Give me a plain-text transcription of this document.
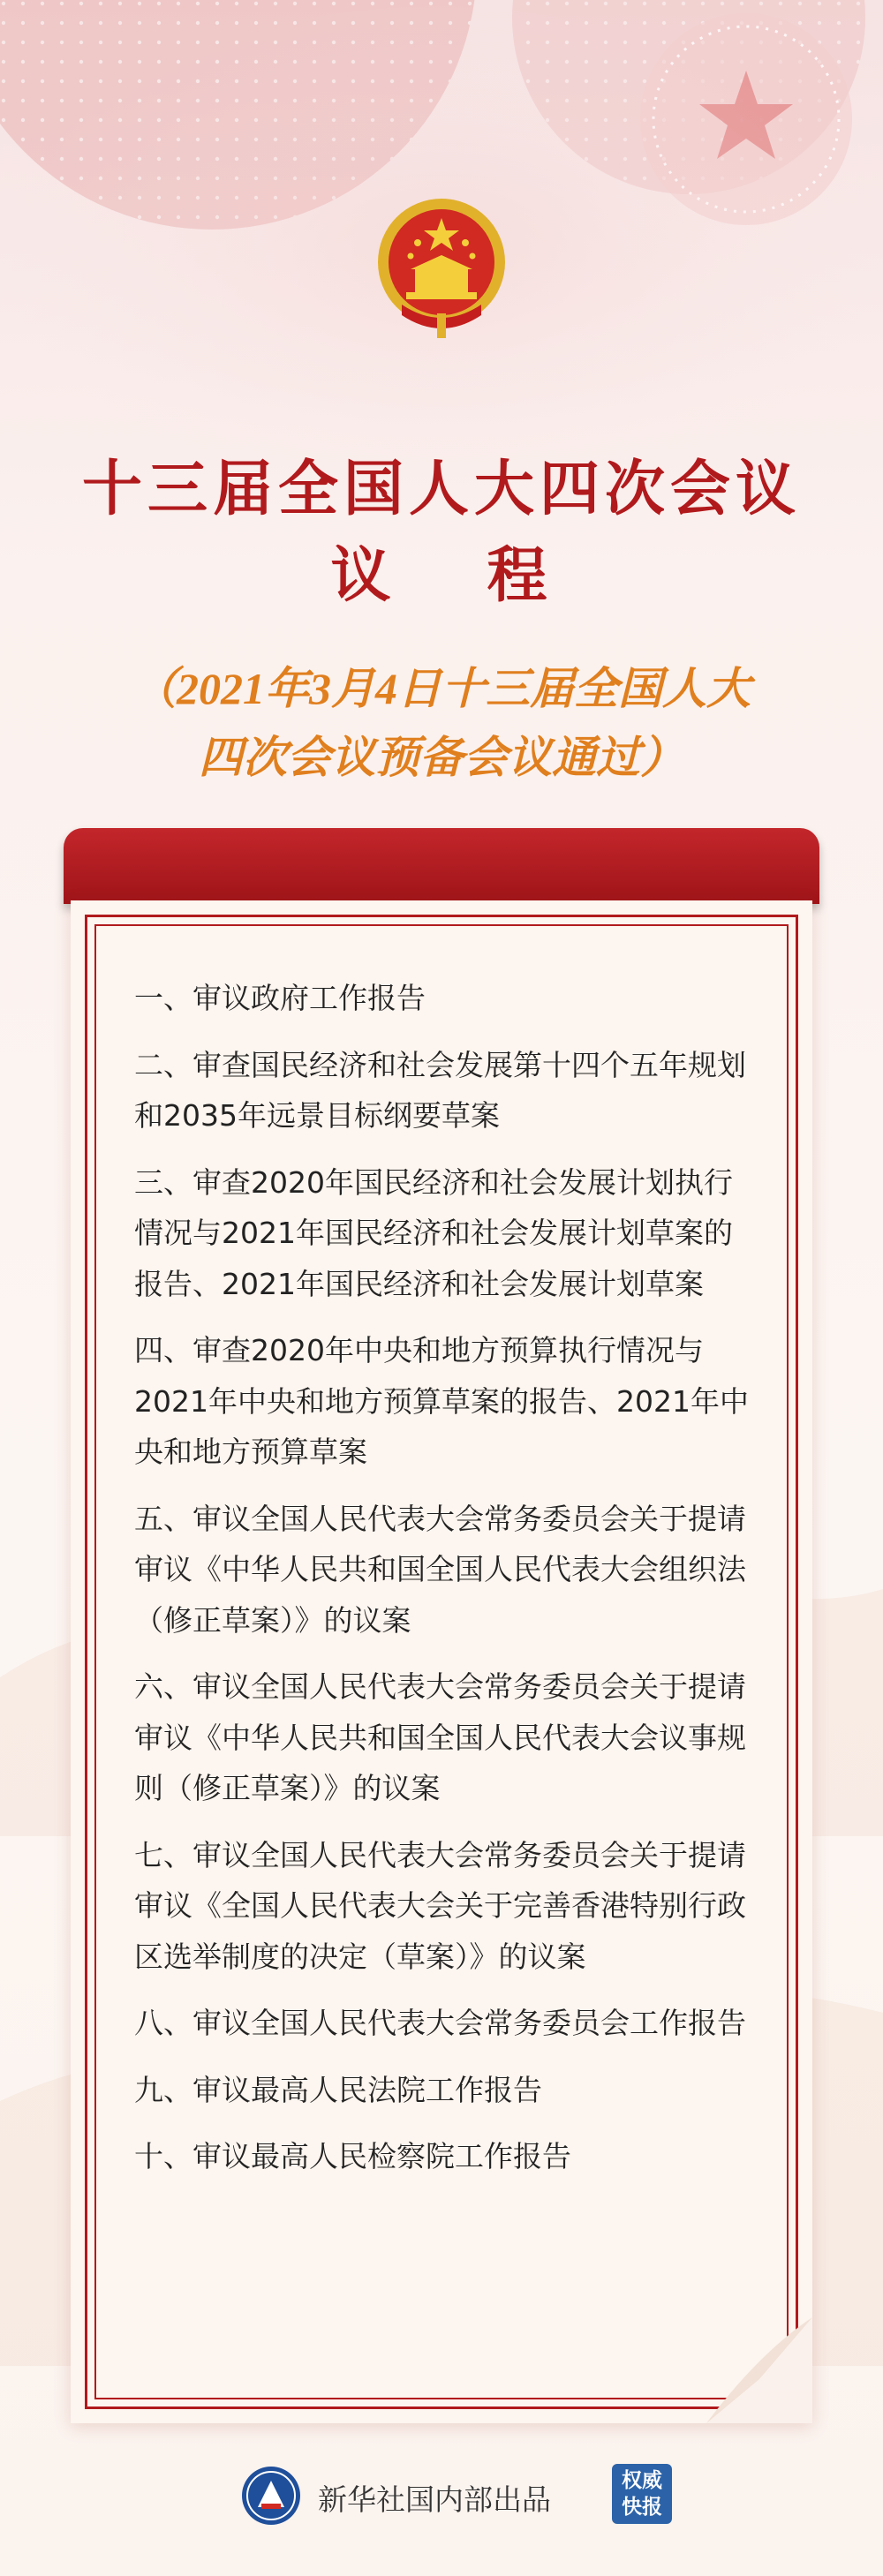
十三届全国人大四次会议
议 程

（2021年3月4日十三届全国人大

四次会议预备会议通过）

一、审议政府工作报告
二、审查国民经济和社会发展第十四个五年规划和2035年远景目标纲要草案
三、审查2020年国民经济和社会发展计划执行情况与2021年国民经济和社会发展计划草案的报告、2021年国民经济和社会发展计划草案
四、审查2020年中央和地方预算执行情况与2021年中央和地方预算草案的报告、2021年中央和地方预算草案
五、审议全国人民代表大会常务委员会关于提请审议《中华人民共和国全国人民代表大会组织法（修正草案）》的议案
六、审议全国人民代表大会常务委员会关于提请审议《中华人民共和国全国人民代表大会议事规则（修正草案）》的议案
七、审议全国人民代表大会常务委员会关于提请审议《全国人民代表大会关于完善香港特别行政区选举制度的决定（草案）》的议案
八、审议全国人民代表大会常务委员会工作报告
九、审议最高人民法院工作报告
十、审议最高人民检察院工作报告
新华社国内部出品
权威
快报
